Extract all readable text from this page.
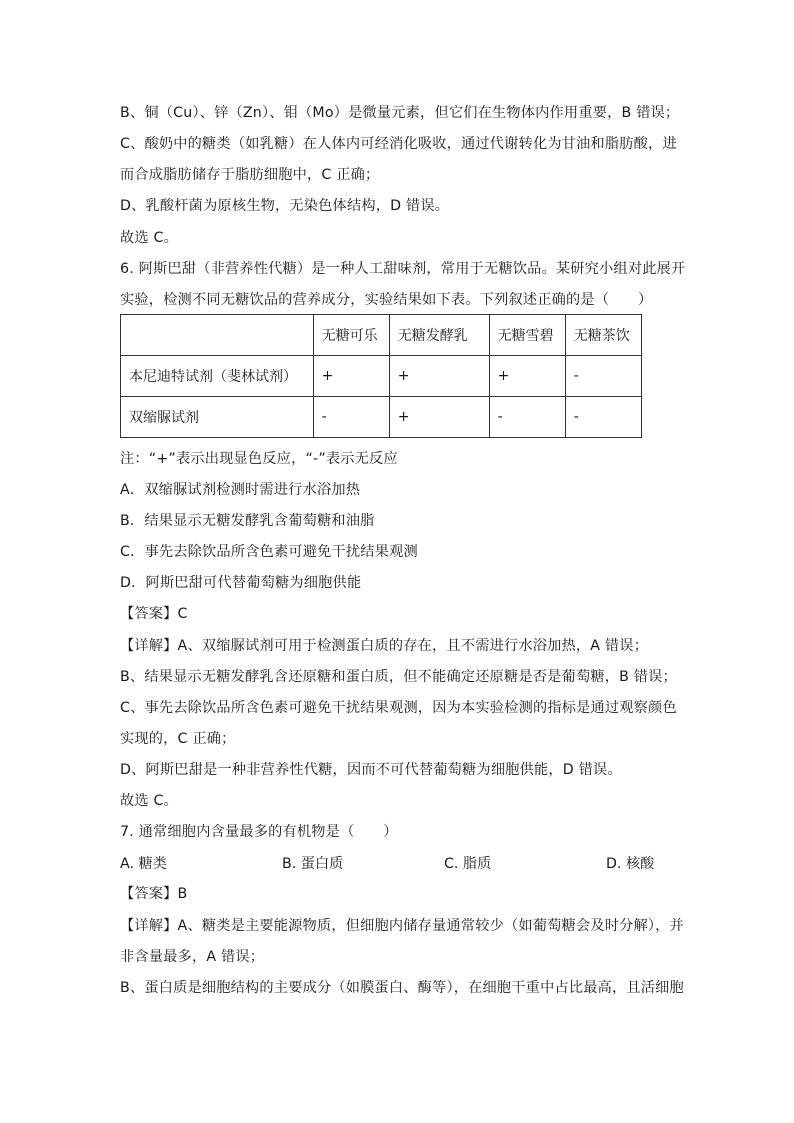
B、铜（Cu）、锌（Zn）、钼（Mo）是微量元素，但它们在生物体内作用重要，B 错误；
C、酸奶中的糖类（如乳糖）在人体内可经消化吸收，通过代谢转化为甘油和脂肪酸，进
而合成脂肪储存于脂肪细胞中，C 正确；
D、乳酸杆菌为原核生物，无染色体结构，D 错误。
故选 C。
6. 阿斯巴甜（非营养性代糖）是一种人工甜味剂，常用于无糖饮品。某研究小组对此展开
实验，检测不同无糖饮品的营养成分，实验结果如下表。下列叙述正确的是（　　）
	无糖可乐	无糖发酵乳	无糖雪碧	无糖茶饮
本尼迪特试剂（斐林试剂）	+	+	+	-
双缩脲试剂	-	+	-	-
注：“+”表示出现显色反应，“-”表示无反应
A．双缩脲试剂检测时需进行水浴加热
B．结果显示无糖发酵乳含葡萄糖和油脂
C．事先去除饮品所含色素可避免干扰结果观测
D．阿斯巴甜可代替葡萄糖为细胞供能
【答案】C
【详解】A、双缩脲试剂可用于检测蛋白质的存在，且不需进行水浴加热，A 错误；
B、结果显示无糖发酵乳含还原糖和蛋白质，但不能确定还原糖是否是葡萄糖，B 错误；
C、事先去除饮品所含色素可避免干扰结果观测，因为本实验检测的指标是通过观察颜色
实现的，C 正确；
D、阿斯巴甜是一种非营养性代糖，因而不可代替葡萄糖为细胞供能，D 错误。
故选 C。
7. 通常细胞内含量最多的有机物是（　　）
A. 糖类	B. 蛋白质	C. 脂质	D. 核酸
【答案】B
【详解】A、糖类是主要能源物质，但细胞内储存量通常较少（如葡萄糖会及时分解），并
非含量最多，A 错误；
B、蛋白质是细胞结构的主要成分（如膜蛋白、酶等），在细胞干重中占比最高，且活细胞
